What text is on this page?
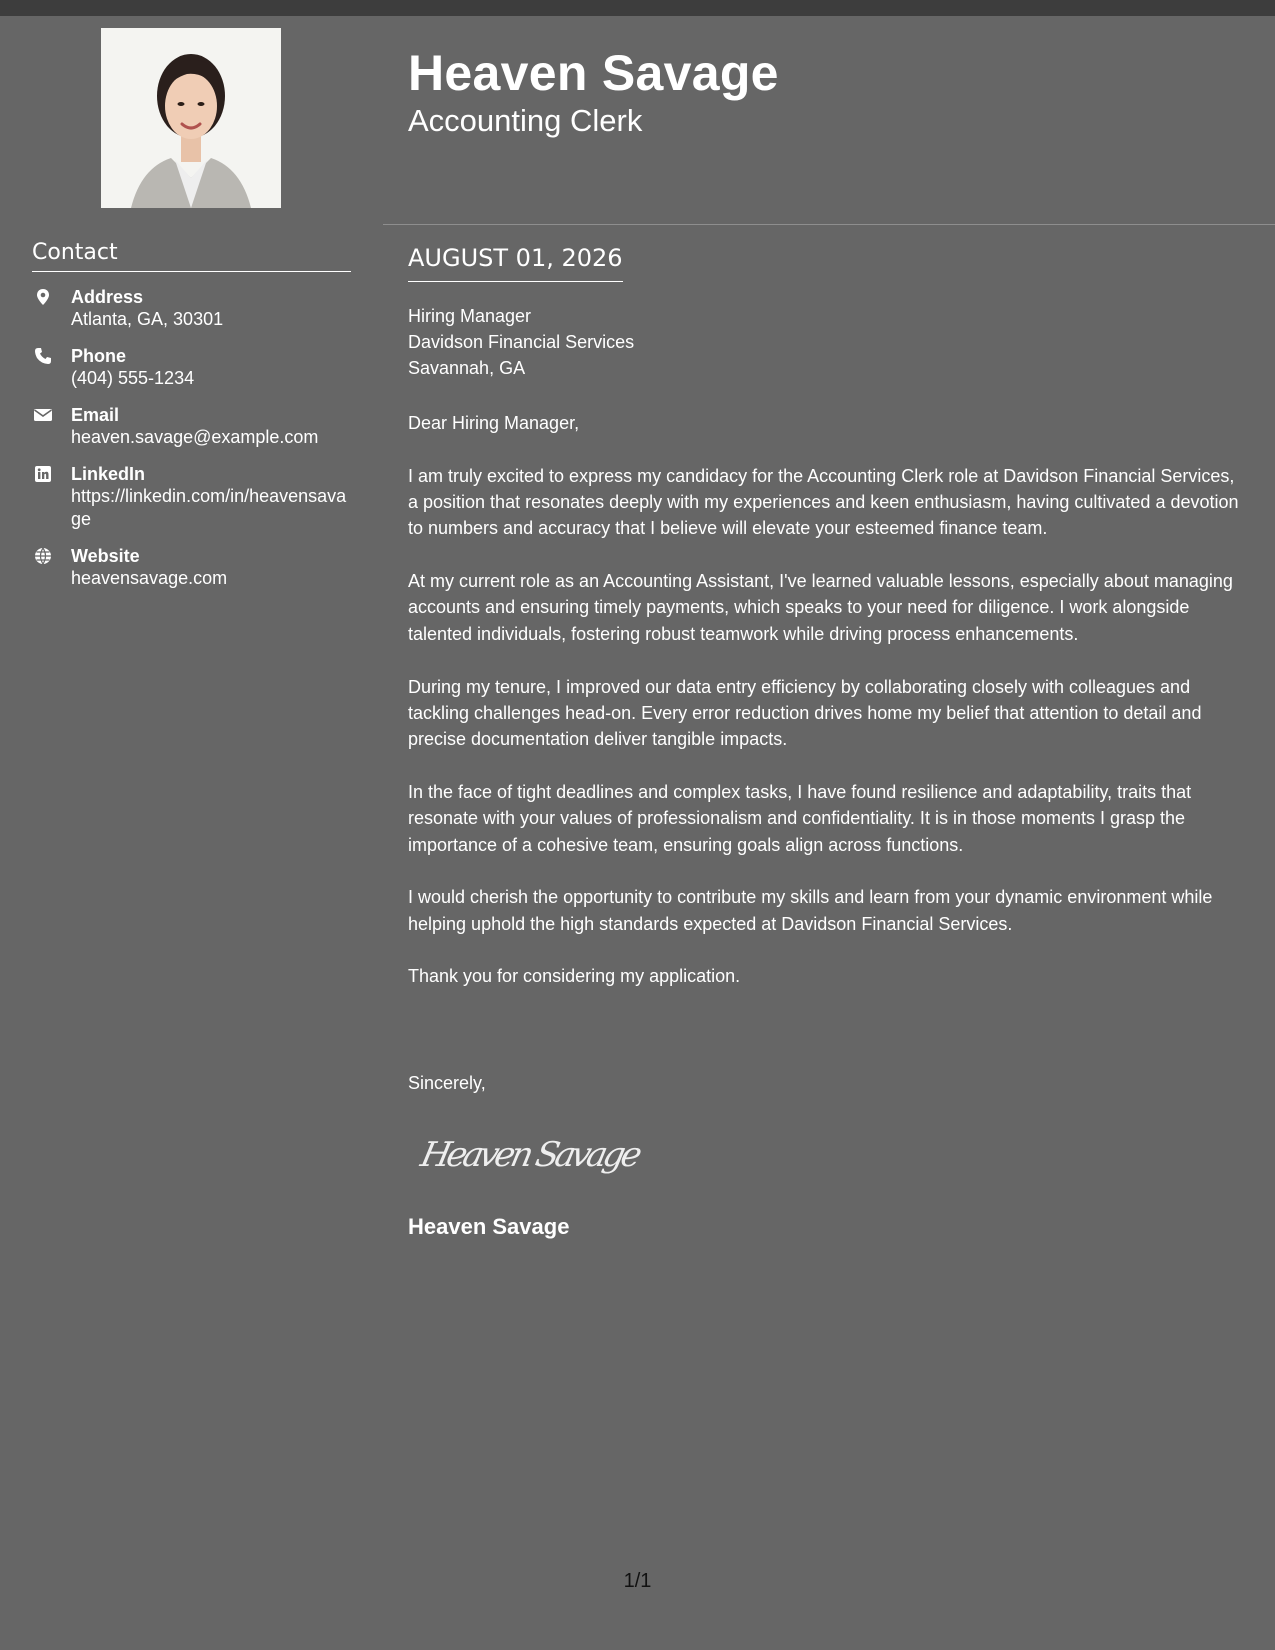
Contact
Address
Atlanta, GA, 30301
Phone
(404) 555-1234
Email
heaven.savage@example.com
LinkedIn
https://linkedin.com/in/heavensavage
Website
heavensavage.com
Heaven Savage
Accounting Clerk
AUGUST 01, 2026
Hiring Manager
Davidson Financial Services
Savannah, GA

Dear Hiring Manager,

I am truly excited to express my candidacy for the Accounting Clerk role at Davidson Financial Services, a position that resonates deeply with my experiences and keen enthusiasm, having cultivated a devotion to numbers and accuracy that I believe will elevate your esteemed finance team.

At my current role as an Accounting Assistant, I've learned valuable lessons, especially about managing accounts and ensuring timely payments, which speaks to your need for diligence. I work alongside talented individuals, fostering robust teamwork while driving process enhancements.

During my tenure, I improved our data entry efficiency by collaborating closely with colleagues and tackling challenges head-on. Every error reduction drives home my belief that attention to detail and precise documentation deliver tangible impacts.

In the face of tight deadlines and complex tasks, I have found resilience and adaptability, traits that resonate with your values of professionalism and confidentiality. It is in those moments I grasp the importance of a cohesive team, ensuring goals align across functions.

I would cherish the opportunity to contribute my skills and learn from your dynamic environment while helping uphold the high standards expected at Davidson Financial Services.

Thank you for considering my application.

Sincerely,
Heaven Savage
Heaven Savage
1/1
